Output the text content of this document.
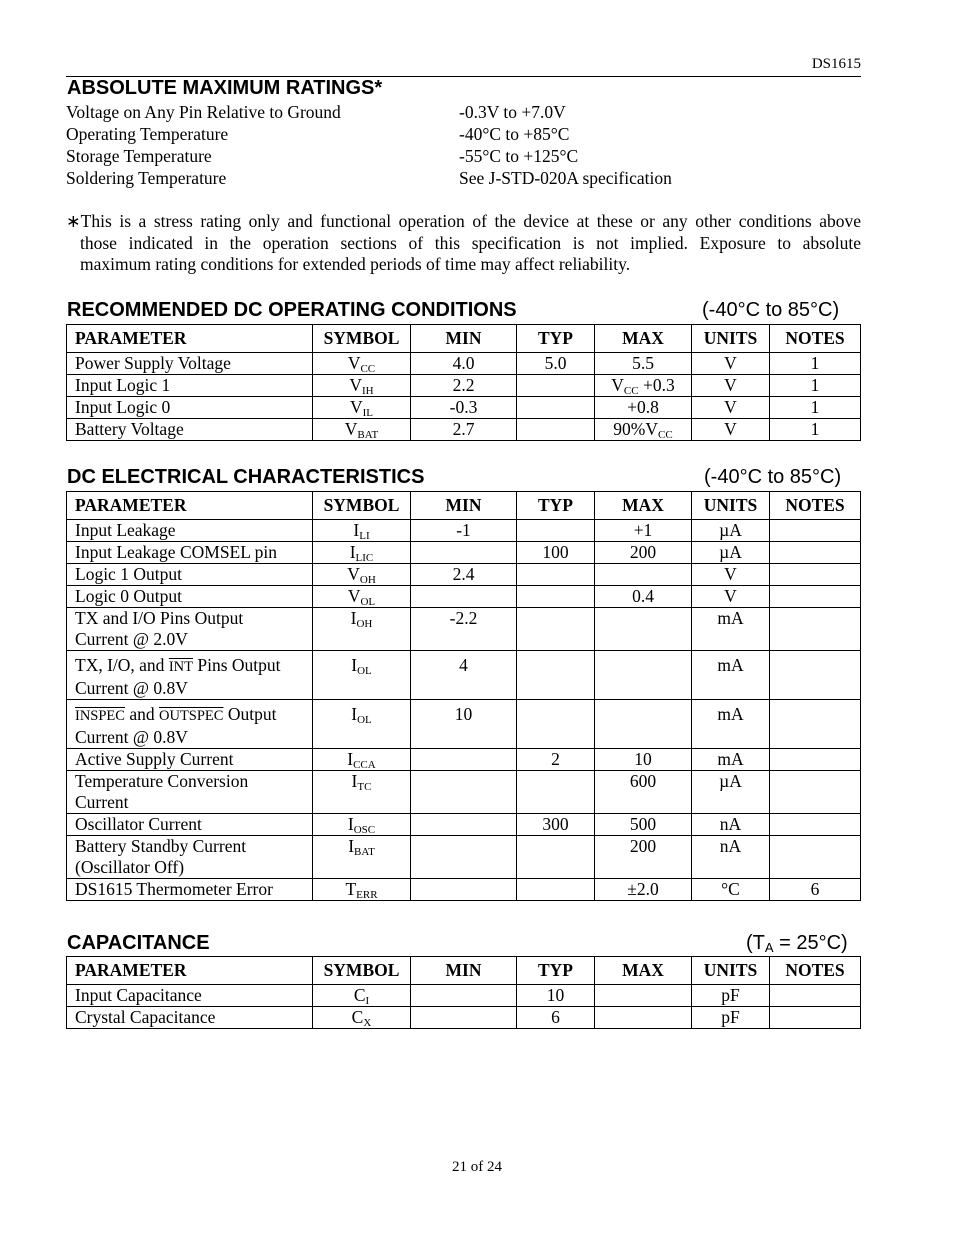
DS1615
ABSOLUTE MAXIMUM RATINGS*
Voltage on Any Pin Relative to Ground	-0.3V to +7.0V
Operating Temperature	-40°C to +85°C
Storage Temperature	-55°C to +125°C
Soldering Temperature	See J-STD-020A specification

∗This is a stress rating only and functional operation of the device at these or any other conditions above

those indicated in the operation sections of this specification is not implied. Exposure to absolute

maximum rating conditions for extended periods of time may affect reliability.

RECOMMENDED DC OPERATING CONDITIONS	(-40°C to 85°C)
PARAMETER	SYMBOL	MIN	TYP	MAX	UNITS	NOTES
Power Supply Voltage	$V_{CC}$	4.0	5.0	5.5	V	1
Input Logic 1	$V_{IH}$	2.2		$V_{CC} +0.3$	V	1
Input Logic 0	$V_{IL}$	-0.3		+0.8	V	1
Battery Voltage	$V_{BAT}$	2.7		$90\%V_{CC}$	V	1
DC ELECTRICAL CHARACTERISTICS	(-40°C to 85°C)
PARAMETER	SYMBOL	MIN	TYP	MAX	UNITS	NOTES
Input Leakage	$I_{LI}$	-1		+1	µA	
Input Leakage COMSEL pin	$I_{LIC}$		100	200	µA	
Logic 1 Output	$V_{OH}$	2.4			V	
Logic 0 Output	$V_{OL}$			0.4	V	
TX and I/O Pins Output
Current @ 2.0V	$I_{OH}$	-2.2			mA	
TX, I/O, and $\overline{INT}$ Pins Output
Current @ 0.8V	$I_{OL}$	4			mA	
INSPEC and OUTSPEC Output
Current @ 0.8V	$I_{OL}$	10			mA	
Active Supply Current	$I_{CCA}$		2	10	mA	
Temperature Conversion
Current	$I_{TC}$			600	µA	
Oscillator Current	$I_{OSC}$		300	500	nA	
Battery Standby Current
(Oscillator Off)	$I_{BAT}$			200	nA	
DS1615 Thermometer Error	$T_{ERR}$			±2.0	°C	6
CAPACITANCE	$(T_A = 25^\circ C)$
PARAMETER	SYMBOL	MIN	TYP	MAX	UNITS	NOTES
Input Capacitance	$C_I$		10		pF	
Crystal Capacitance	$C_X$		6		pF	
21 of 24
